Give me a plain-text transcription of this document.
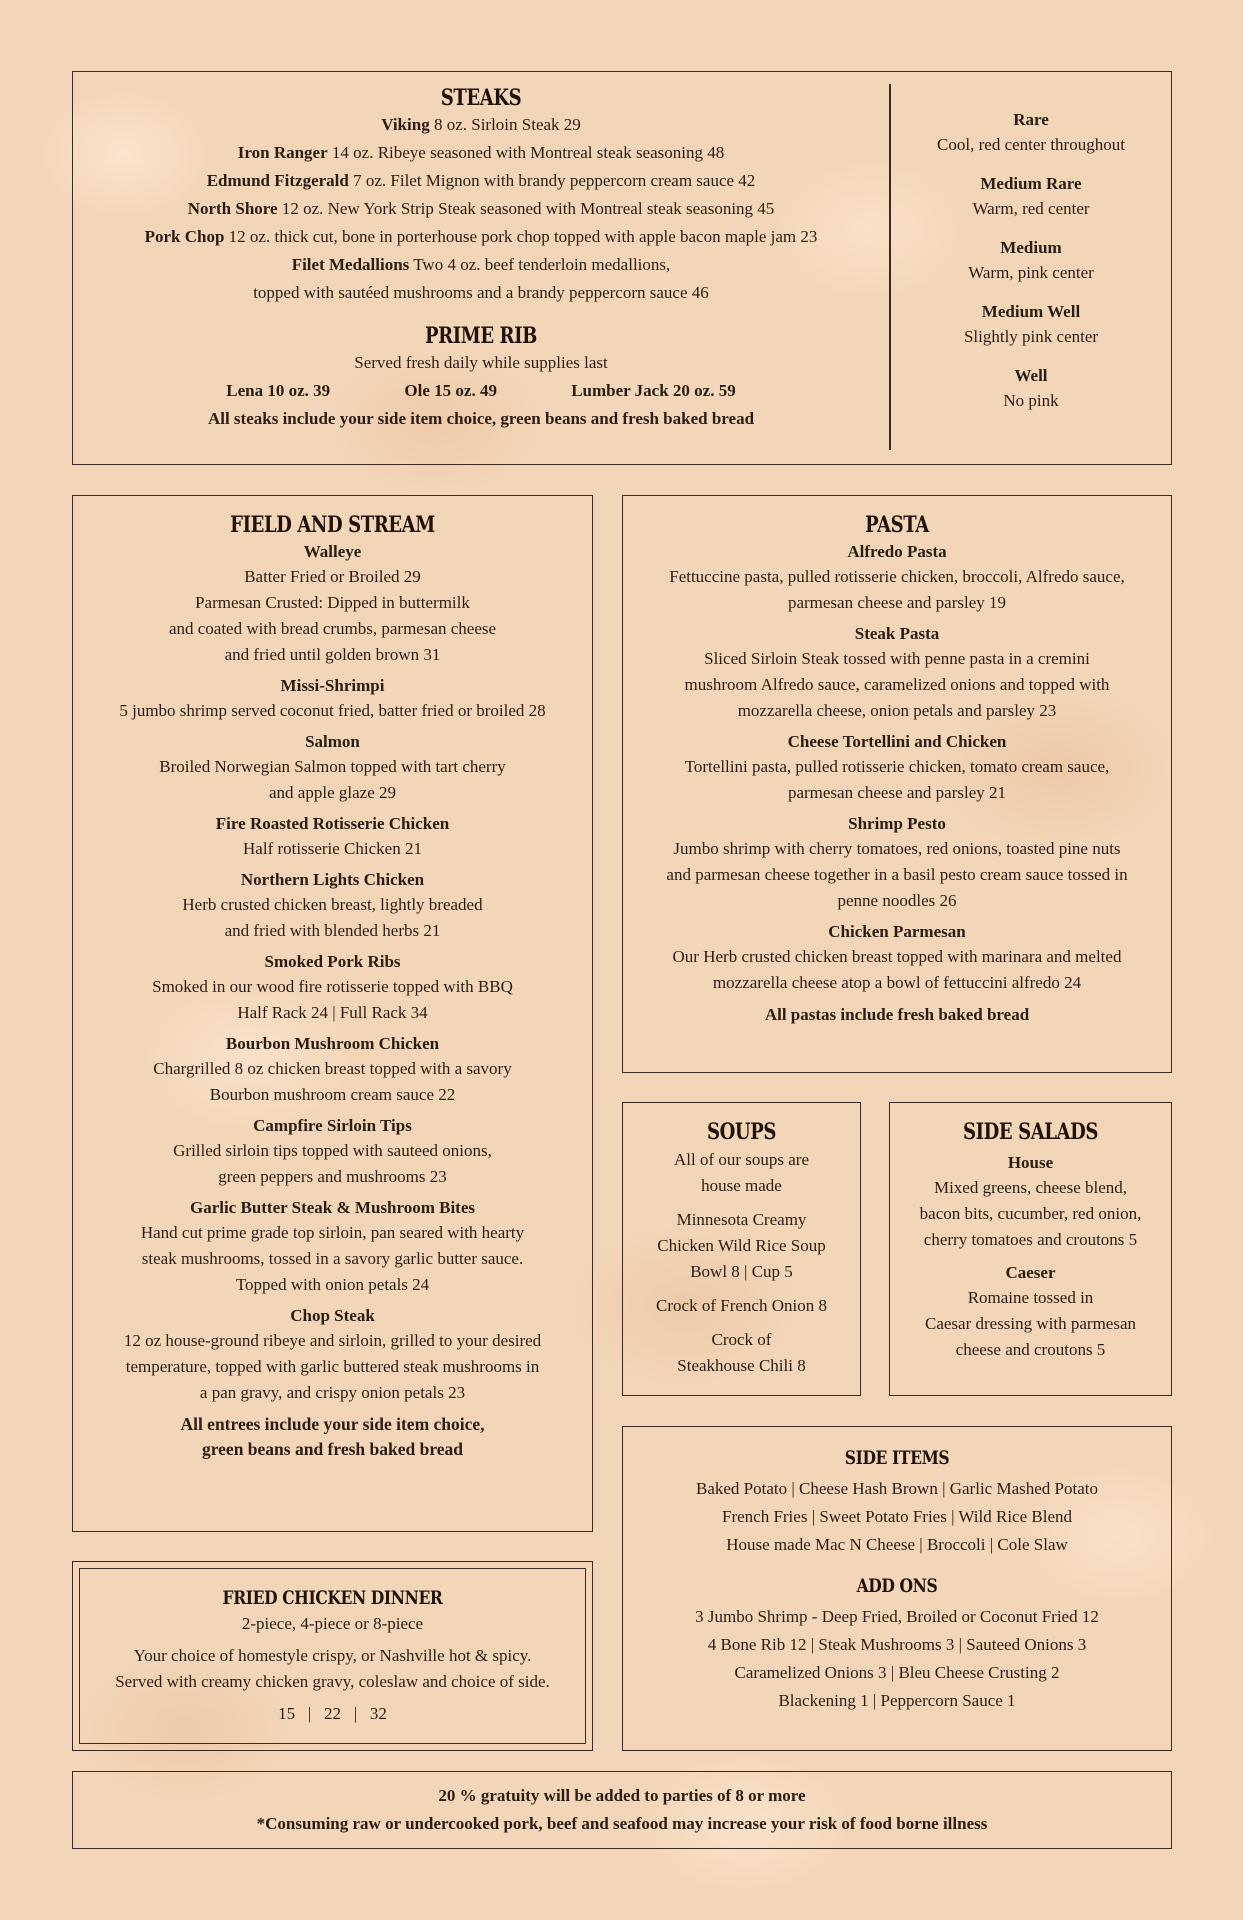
STEAKS
Viking 8 oz. Sirloin Steak 29
Iron Ranger 14 oz. Ribeye seasoned with Montreal steak seasoning 48
Edmund Fitzgerald 7 oz. Filet Mignon with brandy peppercorn cream sauce 42
North Shore 12 oz. New York Strip Steak seasoned with Montreal steak seasoning 45
Pork Chop 12 oz. thick cut, bone in porterhouse pork chop topped with apple bacon maple jam 23
Filet Medallions Two 4 oz. beef tenderloin medallions,
topped with sautéed mushrooms and a brandy peppercorn sauce 46
PRIME RIB
Served fresh daily while supplies last
Lena 10 oz. 39	Ole 15 oz. 49	Lumber Jack 20 oz. 59
All steaks include your side item choice, green beans and fresh baked bread
Rare
Cool, red center throughout
Medium Rare
Warm, red center
Medium
Warm, pink center
Medium Well
Slightly pink center
Well
No pink
FIELD AND STREAM
Walleye
Batter Fried or Broiled 29
Parmesan Crusted: Dipped in buttermilk
and coated with bread crumbs, parmesan cheese
and fried until golden brown 31
Missi-Shrimpi
5 jumbo shrimp served coconut fried, batter fried or broiled 28
Salmon
Broiled Norwegian Salmon topped with tart cherry
and apple glaze 29
Fire Roasted Rotisserie Chicken
Half rotisserie Chicken 21
Northern Lights Chicken
Herb crusted chicken breast, lightly breaded
and fried with blended herbs 21
Smoked Pork Ribs
Smoked in our wood fire rotisserie topped with BBQ
Half Rack 24 | Full Rack 34
Bourbon Mushroom Chicken
Chargrilled 8 oz chicken breast topped with a savory
Bourbon mushroom cream sauce 22
Campfire Sirloin Tips
Grilled sirloin tips topped with sauteed onions,
green peppers and mushrooms 23
Garlic Butter Steak & Mushroom Bites
Hand cut prime grade top sirloin, pan seared with hearty
steak mushrooms, tossed in a savory garlic butter sauce.
Topped with onion petals 24
Chop Steak
12 oz house-ground ribeye and sirloin, grilled to your desired
temperature, topped with garlic buttered steak mushrooms in
a pan gravy, and crispy onion petals 23
All entrees include your side item choice,
green beans and fresh baked bread
PASTA
Alfredo Pasta
Fettuccine pasta, pulled rotisserie chicken, broccoli, Alfredo sauce,
parmesan cheese and parsley 19
Steak Pasta
Sliced Sirloin Steak tossed with penne pasta in a cremini
mushroom Alfredo sauce, caramelized onions and topped with
mozzarella cheese, onion petals and parsley 23
Cheese Tortellini and Chicken
Tortellini pasta, pulled rotisserie chicken, tomato cream sauce,
parmesan cheese and parsley 21
Shrimp Pesto
Jumbo shrimp with cherry tomatoes, red onions, toasted pine nuts
and parmesan cheese together in a basil pesto cream sauce tossed in
penne noodles 26
Chicken Parmesan
Our Herb crusted chicken breast topped with marinara and melted
mozzarella cheese atop a bowl of fettuccini alfredo 24
All pastas include fresh baked bread
SOUPS
All of our soups are
house made
Minnesota Creamy
Chicken Wild Rice Soup
Bowl 8 | Cup 5
Crock of French Onion 8
Crock of
Steakhouse Chili 8
SIDE SALADS
House
Mixed greens, cheese blend,
bacon bits, cucumber, red onion,
cherry tomatoes and croutons 5
Caeser
Romaine tossed in
Caesar dressing with parmesan
cheese and croutons 5
FRIED CHICKEN DINNER
2-piece, 4-piece or 8-piece
Your choice of homestyle crispy, or Nashville hot & spicy.
Served with creamy chicken gravy, coleslaw and choice of side.
15   |   22   |   32
SIDE ITEMS
Baked Potato | Cheese Hash Brown | Garlic Mashed Potato
French Fries | Sweet Potato Fries | Wild Rice Blend
House made Mac N Cheese | Broccoli | Cole Slaw
ADD ONS
3 Jumbo Shrimp - Deep Fried, Broiled or Coconut Fried 12
4 Bone Rib 12 | Steak Mushrooms 3 | Sauteed Onions 3
Caramelized Onions 3 | Bleu Cheese Crusting 2
Blackening 1 | Peppercorn Sauce 1
20 % gratuity will be added to parties of 8 or more
*Consuming raw or undercooked pork, beef and seafood may increase your risk of food borne illness
